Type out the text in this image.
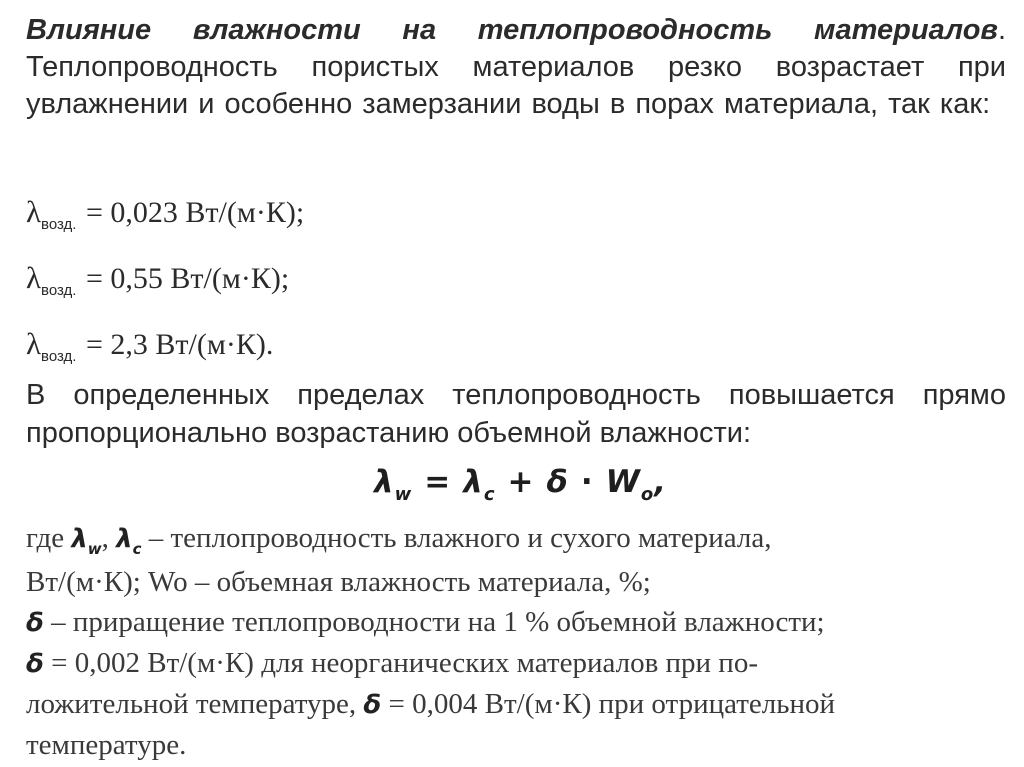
Влияние влажности на теплопроводность материалов. Теплопроводность пористых материалов резко возрастает при увлажнении и особенно замерзании воды в порах материала, так как:

$\lambda_{возд.} = 0,023$ Вт/(м·К);

$\lambda_{возд.} = 0,55$ Вт/(м·К);

$\lambda_{возд.} = 2,3$ Вт/(м·К).

В определенных пределах теплопроводность повышается прямо пропорционально возрастанию объемной влажности:

$\lambda_w = \lambda_c + \delta \cdot W_o$,

где $\lambda_w$, $\lambda_c$ – теплопроводность влажного и сухого материала,
Вт/(м·К); Wo – объемная влажность материала, %;
δ – приращение теплопроводности на 1 % объемной влажности;
δ = 0,002 Вт/(м·К) для неорганических материалов при по-
ложительной температуре, δ = 0,004 Вт/(м·К) при отрицательной
температуре.
